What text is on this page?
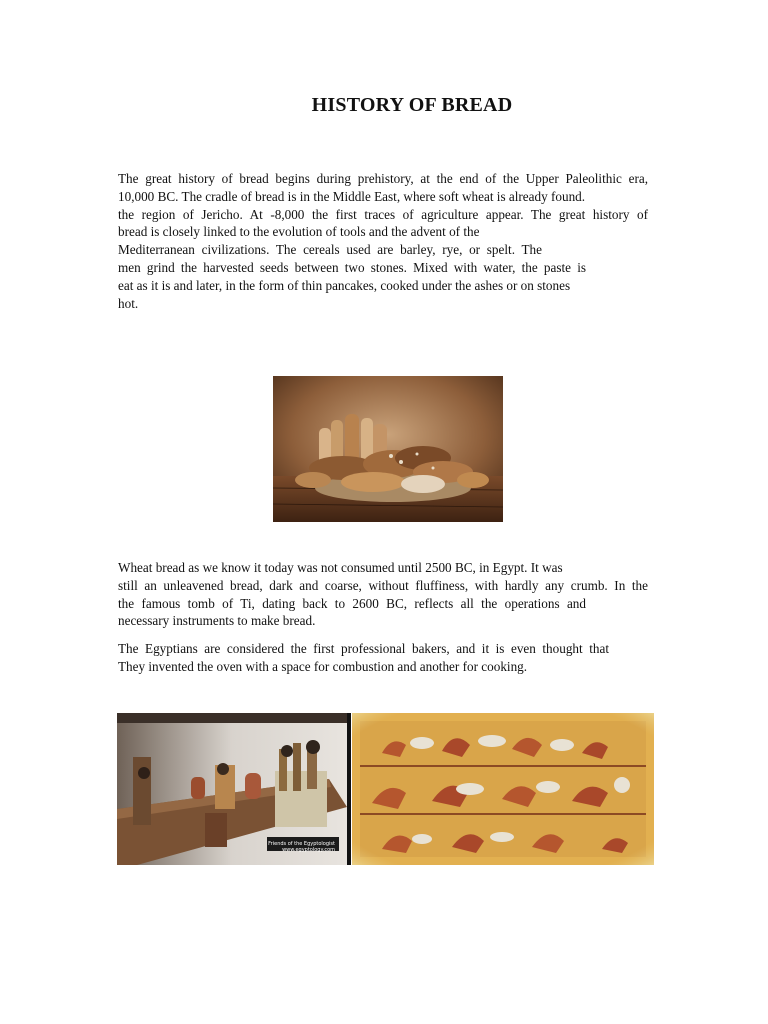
HISTORY OF BREAD
The great history of bread begins during prehistory, at the end of the Upper Paleolithic era,
10,000 BC. The cradle of bread is in the Middle East, where soft wheat is already found.
the region of Jericho. At -8,000 the first traces of agriculture appear. The great history of
bread is closely linked to the evolution of tools and the advent of the
Mediterranean civilizations. The cereals used are barley, rye, or spelt. The
men grind the harvested seeds between two stones. Mixed with water, the paste is
eat as it is and later, in the form of thin pancakes, cooked under the ashes or on stones
hot.
Wheat bread as we know it today was not consumed until 2500 BC, in Egypt. It was
still an unleavened bread, dark and coarse, without fluffiness, with hardly any crumb. In the
the famous tomb of Ti, dating back to 2600 BC, reflects all the operations and
necessary instruments to make bread.
The Egyptians are considered the first professional bakers, and it is even thought that
They invented the oven with a space for combustion and another for cooking.
Friends of the Egyptologist
www.egyptology.com
